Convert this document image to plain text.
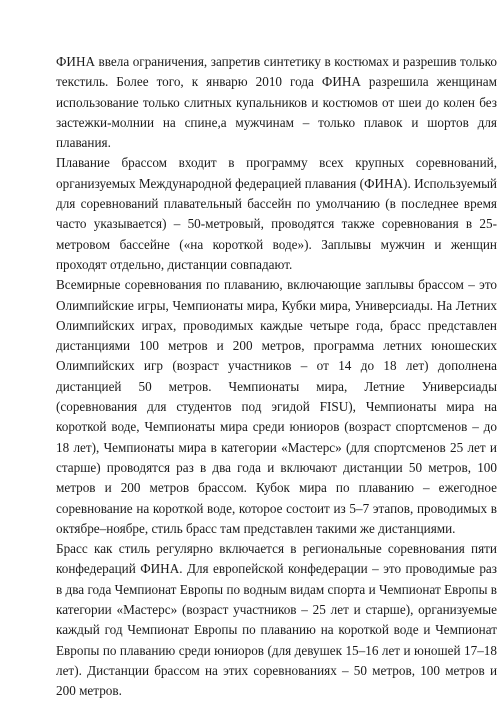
ФИНА ввела ограничения, запретив синтетику в костюмах и разрешив только текстиль. Более того, к январю 2010 года ФИНА разрешила женщинам использование только слитных купальников и костюмов от шеи до колен без застежки-молнии на спине,а мужчинам – только плавок и шортов для плавания.

Плавание брассом входит в программу всех крупных соревнований, организуемых Международной федерацией плавания (ФИНА). Используемый для соревнований плавательный бассейн по умолчанию (в последнее время часто указывается) – 50-метровый, проводятся также соревнования в 25-метровом бассейне («на короткой воде»). Заплывы мужчин и женщин проходят отдельно, дистанции совпадают.

Всемирные соревнования по плаванию, включающие заплывы брассом – это Олимпийские игры, Чемпионаты мира, Кубки мира, Универсиады. На Летних Олимпийских играх, проводимых каждые четыре года, брасс представлен дистанциями 100 метров и 200 метров, программа летних юношеских Олимпийских игр (возраст участников – от 14 до 18 лет) дополнена дистанцией 50 метров. Чемпионаты мира, Летние Универсиады (соревнования для студентов под эгидой FISU), Чемпионаты мира на короткой воде, Чемпионаты мира среди юниоров (возраст спортсменов – до 18 лет), Чемпионаты мира в категории «Мастерс» (для спортсменов 25 лет и старше) проводятся раз в два года и включают дистанции 50 метров, 100 метров и 200 метров брассом. Кубок мира по плаванию – ежегодное соревнование на короткой воде, которое состоит из 5–7 этапов, проводимых в октябре–ноябре, стиль брасс там представлен такими же дистанциями.

Брасс как стиль регулярно включается в региональные соревнования пяти конфедераций ФИНА. Для европейской конфедерации – это проводимые раз в два года Чемпионат Европы по водным видам спорта и Чемпионат Европы в категории «Мастерс» (возраст участников – 25 лет и старше), организуемые каждый год Чемпионат Европы по плаванию на короткой воде и Чемпионат Европы по плаванию среди юниоров (для девушек 15–16 лет и юношей 17–18 лет). Дистанции брассом на этих соревнованиях – 50 метров, 100 метров и 200 метров.
